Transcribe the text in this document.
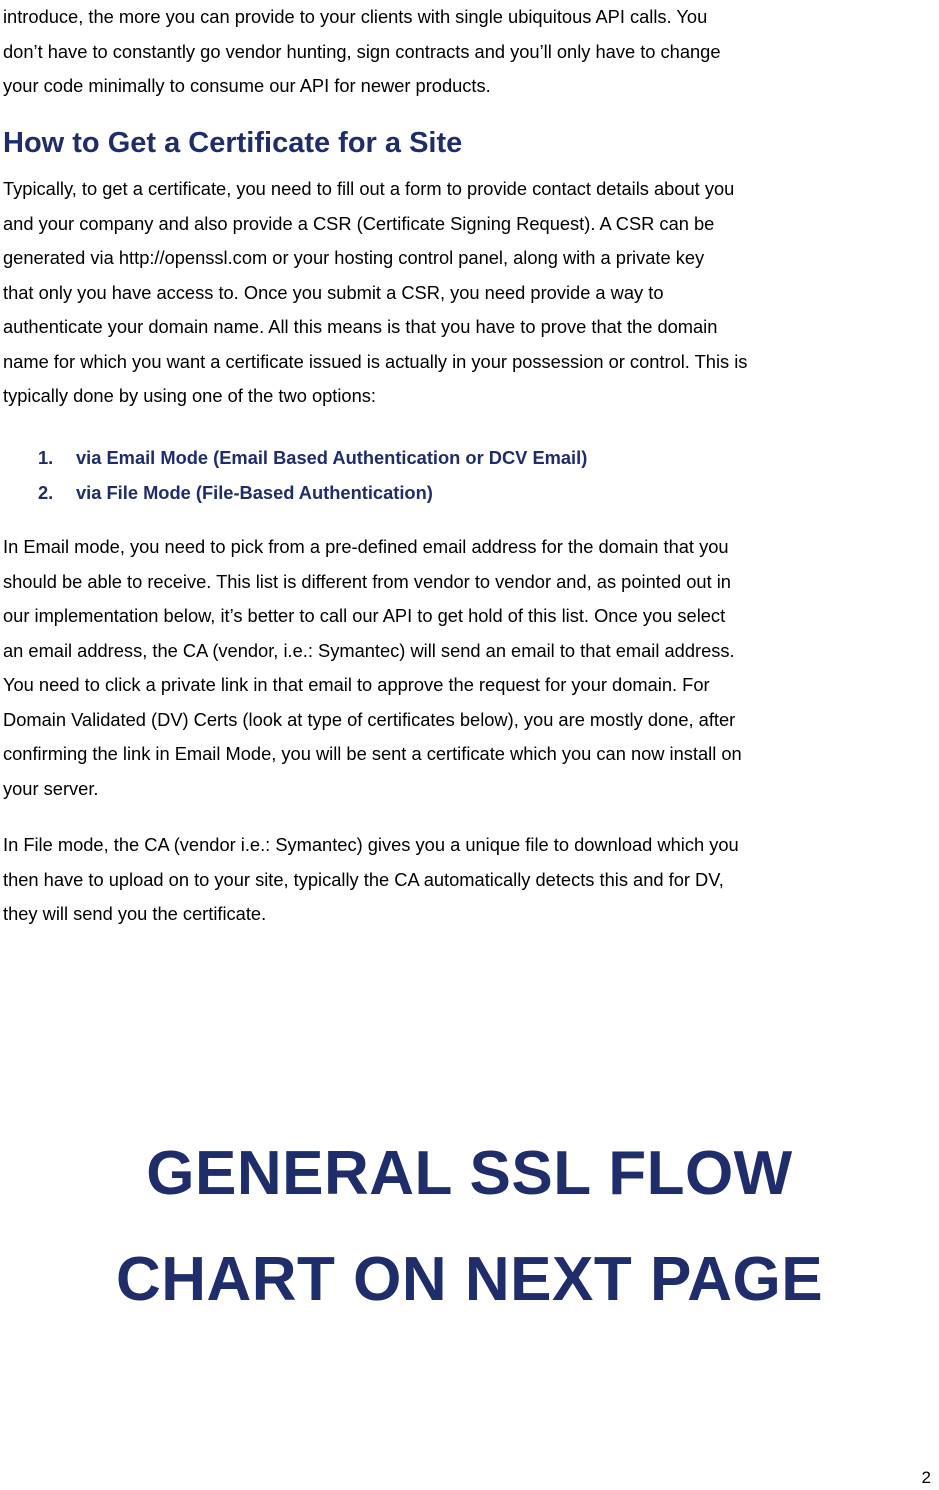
introduce, the more you can provide to your clients with single ubiquitous API calls. You
don’t have to constantly go vendor hunting, sign contracts and you’ll only have to change
your code minimally to consume our API for newer products.

How to Get a Certificate for a Site

Typically, to get a certificate, you need to fill out a form to provide contact details about you
and your company and also provide a CSR (Certificate Signing Request). A CSR can be
generated via http://openssl.com or your hosting control panel, along with a private key
that only you have access to. Once you submit a CSR, you need provide a way to
authenticate your domain name. All this means is that you have to prove that the domain
name for which you want a certificate issued is actually in your possession or control. This is
typically done by using one of the two options:

1. via Email Mode (Email Based Authentication or DCV Email)
2. via File Mode (File-Based Authentication)

In Email mode, you need to pick from a pre-defined email address for the domain that you
should be able to receive. This list is different from vendor to vendor and, as pointed out in
our implementation below, it’s better to call our API to get hold of this list. Once you select
an email address, the CA (vendor, i.e.: Symantec) will send an email to that email address.
You need to click a private link in that email to approve the request for your domain. For
Domain Validated (DV) Certs (look at type of certificates below), you are mostly done, after
confirming the link in Email Mode, you will be sent a certificate which you can now install on
your server.

In File mode, the CA (vendor i.e.: Symantec) gives you a unique file to download which you
then have to upload on to your site, typically the CA automatically detects this and for DV,
they will send you the certificate.

GENERAL SSL FLOW
CHART ON NEXT PAGE
2
